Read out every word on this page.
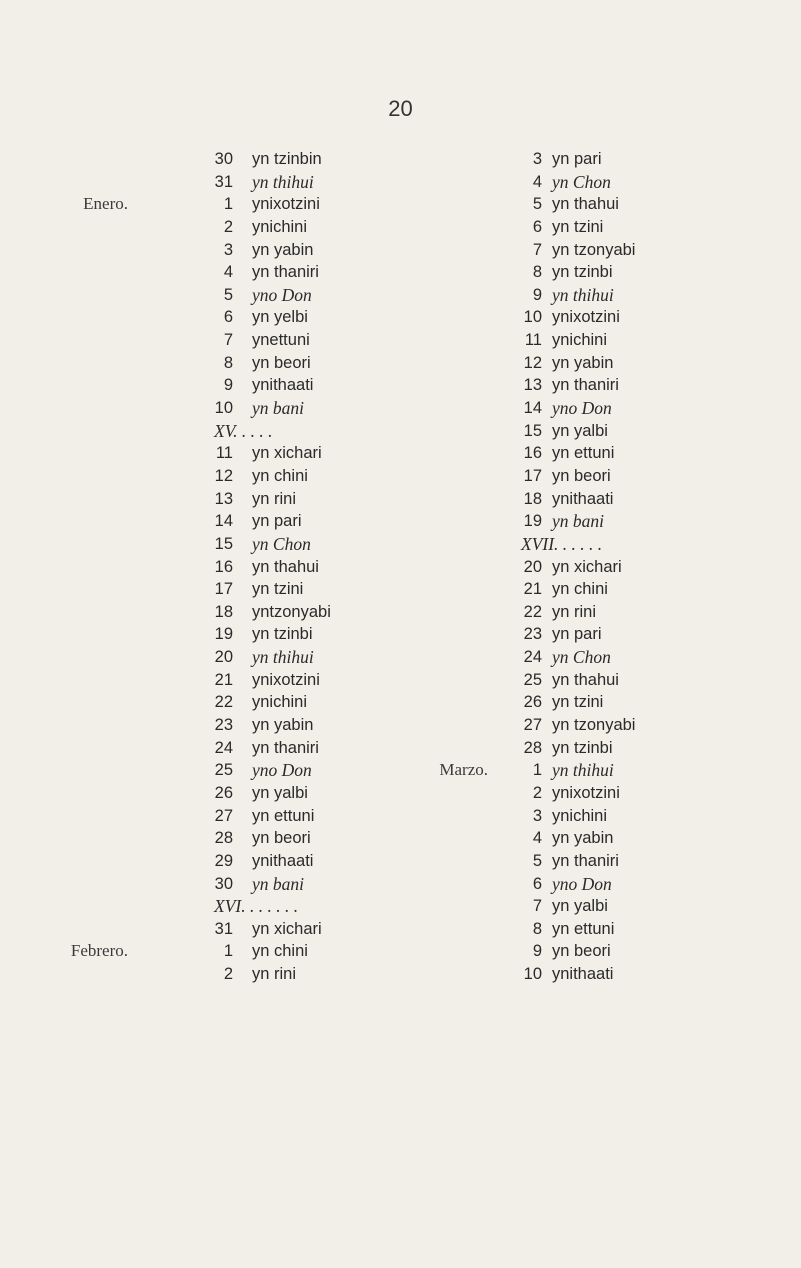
20
30 yn tzinbin
31 yn thihui
Enero.	1 ynixotzini
2 ynichini
3 yn yabin
4 yn thaniri
5 yno Don
6 yn yelbi
7 ynettuni
8 yn beori
9 ynithaati
10 yn bani
XV. . . . .
11 yn xichari
12 yn chini
13 yn rini
14 yn pari
15 yn Chon
16 yn thahui
17 yn tzini
18 yntzonyabi
19 yn tzinbi
20 yn thihui
21 ynixotzini
22 ynichini
23 yn yabin
24 yn thaniri
25 yno Don
26 yn yalbi
27 yn ettuni
28 yn beori
29 ynithaati
30 yn bani
XVI. . . . . . .
31 yn xichari
Febrero.	1 yn chini
2 yn rini
3 yn pari
4 yn Chon
5 yn thahui
6 yn tzini
7 yn tzonyabi
8 yn tzinbi
9 yn thihui
10 ynixotzini
11 ynichini
12 yn yabin
13 yn thaniri
14 yno Don
15 yn yalbi
16 yn ettuni
17 yn beori
18 ynithaati
19 yn bani
XVII. . . . . .
20 yn xichari
21 yn chini
22 yn rini
23 yn pari
24 yn Chon
25 yn thahui
26 yn tzini
27 yn tzonyabi
28 yn tzinbi
Marzo.	1 yn thihui
2 ynixotzini
3 ynichini
4 yn yabin
5 yn thaniri
6 yno Don
7 yn yalbi
8 yn ettuni
9 yn beori
10 ynithaati
